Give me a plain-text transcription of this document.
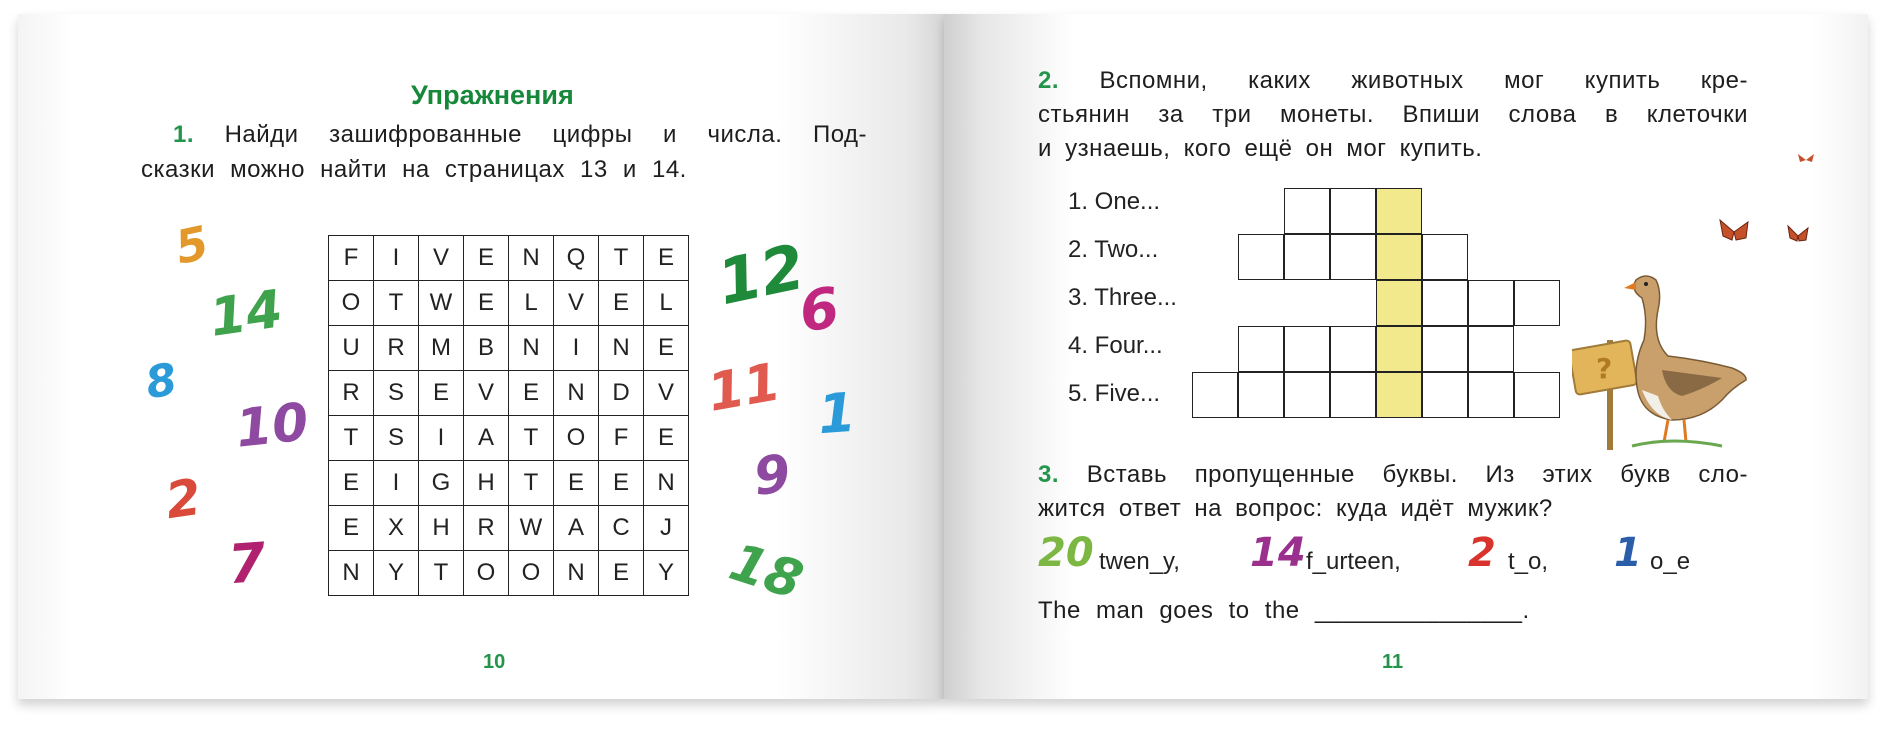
Упражнения
1. Найди зашифрованные цифры и числа. Под-
сказки можно найти на страницах 13 и 14.
F	I	V	E	N	Q	T	E
O	T	W	E	L	V	E	L
U	R	M	B	N	I	N	E
R	S	E	V	E	N	D	V
T	S	I	A	T	O	F	E
E	I	G	H	T	E	E	N
E	X	H	R	W	A	C	J
N	Y	T	O	O	N	E	Y
5
14
8
10
2
7
12
6
11 1
9
18
10
2. Вспомни, каких животных мог купить кре-
стьянин за три монеты. Впиши слова в клеточки
и узнаешь, кого ещё он мог купить.
1. One...
2. Two...
3. Three...
4. Four...
5. Five...
?
3. Вставь пропущенные буквы. Из этих букв сло-
жится ответ на вопрос: куда идёт мужик?
20 twen_y, 14 f_urteen, 2 t_o, 1 o_e
The man goes to the _______________.
11
